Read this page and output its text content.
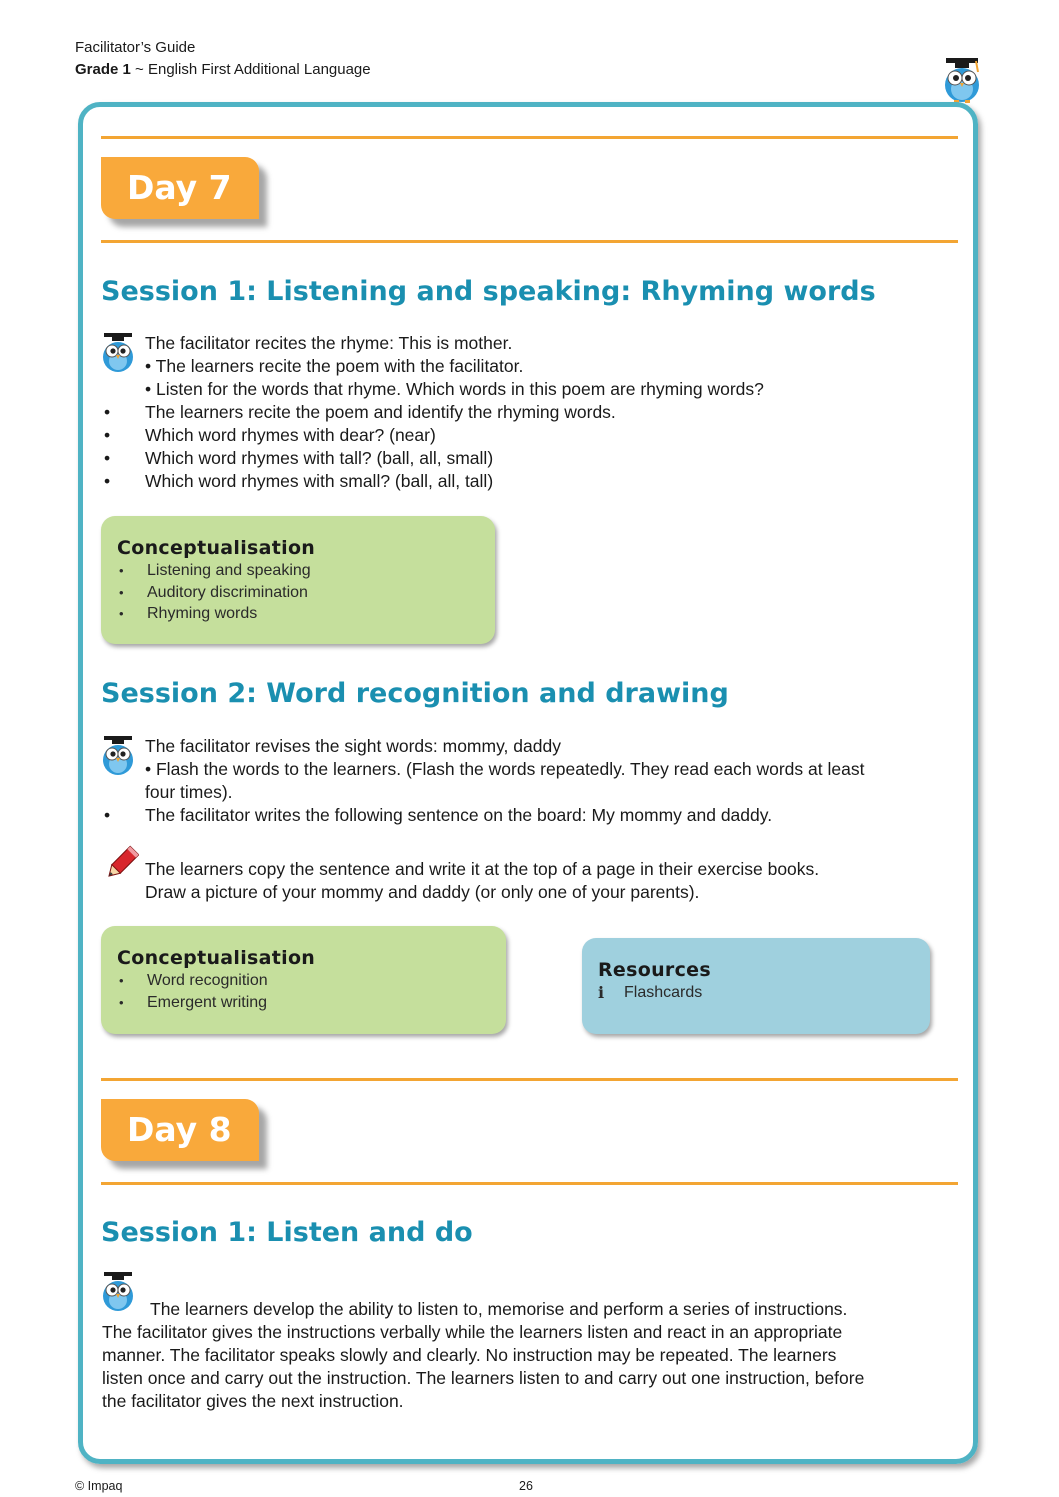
Facilitator’s Guide
Grade 1 ~ English First Additional Language
Day 7
Session 1: Listening and speaking: Rhyming words
The facilitator recites the rhyme: This is mother.
• The learners recite the poem with the facilitator.
• Listen for the words that rhyme. Which words in this poem are rhyming words?
• The learners recite the poem and identify the rhyming words.
• Which word rhymes with dear? (near)
• Which word rhymes with tall? (ball, all, small)
• Which word rhymes with small? (ball, all, tall)
Conceptualisation
• Listening and speaking
• Auditory discrimination
• Rhyming words
Session 2: Word recognition and drawing
The facilitator revises the sight words: mommy, daddy
• Flash the words to the learners. (Flash the words repeatedly. They read each words at least
four times).
• The facilitator writes the following sentence on the board: My mommy and daddy.
The learners copy the sentence and write it at the top of a page in their exercise books.
Draw a picture of your mommy and daddy (or only one of your parents).
Conceptualisation
• Word recognition
• Emergent writing
Resources
i Flashcards
Day 8
Session 1: Listen and do
The learners develop the ability to listen to, memorise and perform a series of instructions.
The facilitator gives the instructions verbally while the learners listen and react in an appropriate
manner. The facilitator speaks slowly and clearly. No instruction may be repeated. The learners
listen once and carry out the instruction. The learners listen to and carry out one instruction, before
the facilitator gives the next instruction.
© Impaq	26
